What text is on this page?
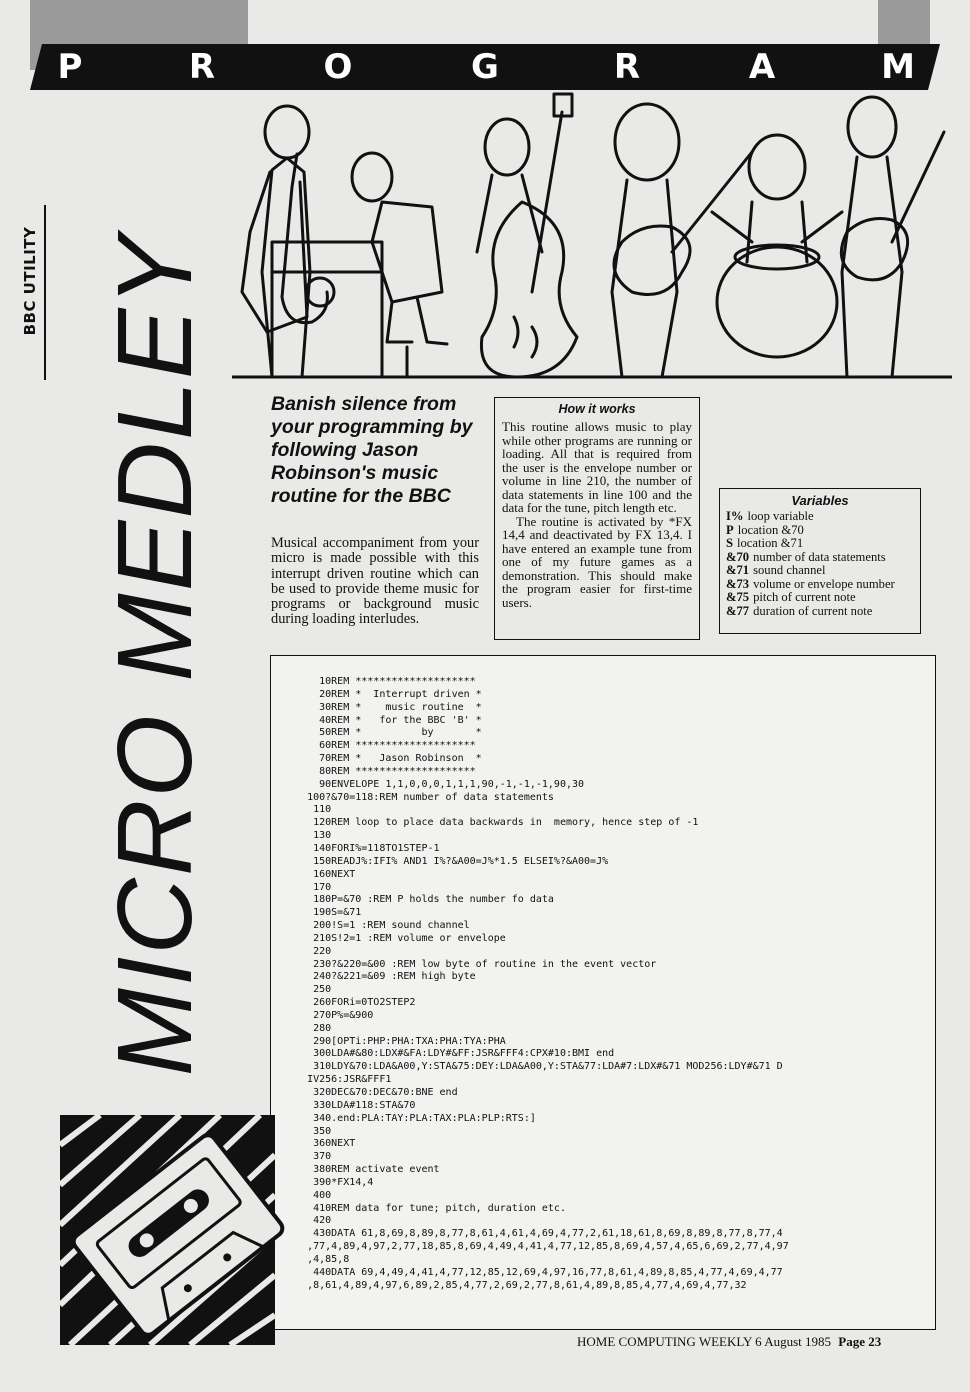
P	R	O	G	R	A	M
BBC UTILITY MICRO MEDLEY	Banish silence from your programming by following Jason Robinson's music routine for the BBC

Musical accompaniment from your micro is made possible with this interrupt driven routine which can be used to provide theme music for programs or background music during loading interludes.
How it works

This routine allows music to play while other programs are running or loading. All that is required from the user is the envelope number or volume in line 210, the number of data statements in line 100 and the data for the tune, pitch length etc.

The routine is activated by *FX 14,4 and deactivated by FX 13,4. I have entered an example tune from one of my future games as a demonstration. This should make the program easier for first-time users.

Variables
I% loop variable
P location &70
S location &71
&70 number of data statements
&71 sound channel
&73 volume or envelope number
&75 pitch of current note
&77 duration of current note
10REM ********************
20REM *  Interrupt driven *
30REM *    music routine  *
40REM *   for the BBC 'B' *
50REM *          by       *
60REM ********************
70REM *   Jason Robinson  *
80REM ********************
90ENVELOPE 1,1,0,0,0,1,1,1,90,-1,-1,-1,90,30
100?&70=118:REM number of data statements
110
120REM loop to place data backwards in  memory, hence step of -1
130
140FORI%=118TO1STEP-1
150READJ%:IFI% AND1 I%?&A00=J%*1.5 ELSEI%?&A00=J%
160NEXT
170
180P=&70 :REM P holds the number fo data
190S=&71
200!S=1 :REM sound channel
210S!2=1 :REM volume or envelope
220
230?&220=&00 :REM low byte of routine in the event vector
240?&221=&09 :REM high byte
250
260FORi=0TO2STEP2
270P%=&900
280
290[OPTi:PHP:PHA:TXA:PHA:TYA:PHA
300LDA#&80:LDX#&FA:LDY#&FF:JSR&FFF4:CPX#10:BMI end
310LDY&70:LDA&A00,Y:STA&75:DEY:LDA&A00,Y:STA&77:LDA#7:LDX#&71 MOD256:LDY#&71 D
IV256:JSR&FFF1
320DEC&70:DEC&70:BNE end
330LDA#118:STA&70
340.end:PLA:TAY:PLA:TAX:PLA:PLP:RTS:]
350
360NEXT
370
380REM activate event
390*FX14,4
400
410REM data for tune; pitch, duration etc.
420
430DATA 61,8,69,8,89,8,77,8,61,4,61,4,69,4,77,2,61,18,61,8,69,8,89,8,77,8,77,4
,77,4,89,4,97,2,77,18,85,8,69,4,49,4,41,4,77,12,85,8,69,4,57,4,65,6,69,2,77,4,97
,4,85,8
440DATA 69,4,49,4,41,4,77,12,85,12,69,4,97,16,77,8,61,4,89,8,85,4,77,4,69,4,77
,8,61,4,89,4,97,6,89,2,85,4,77,2,69,2,77,8,61,4,89,8,85,4,77,4,69,4,77,32
HOME COMPUTING WEEKLY 6 August 1985 Page 23
